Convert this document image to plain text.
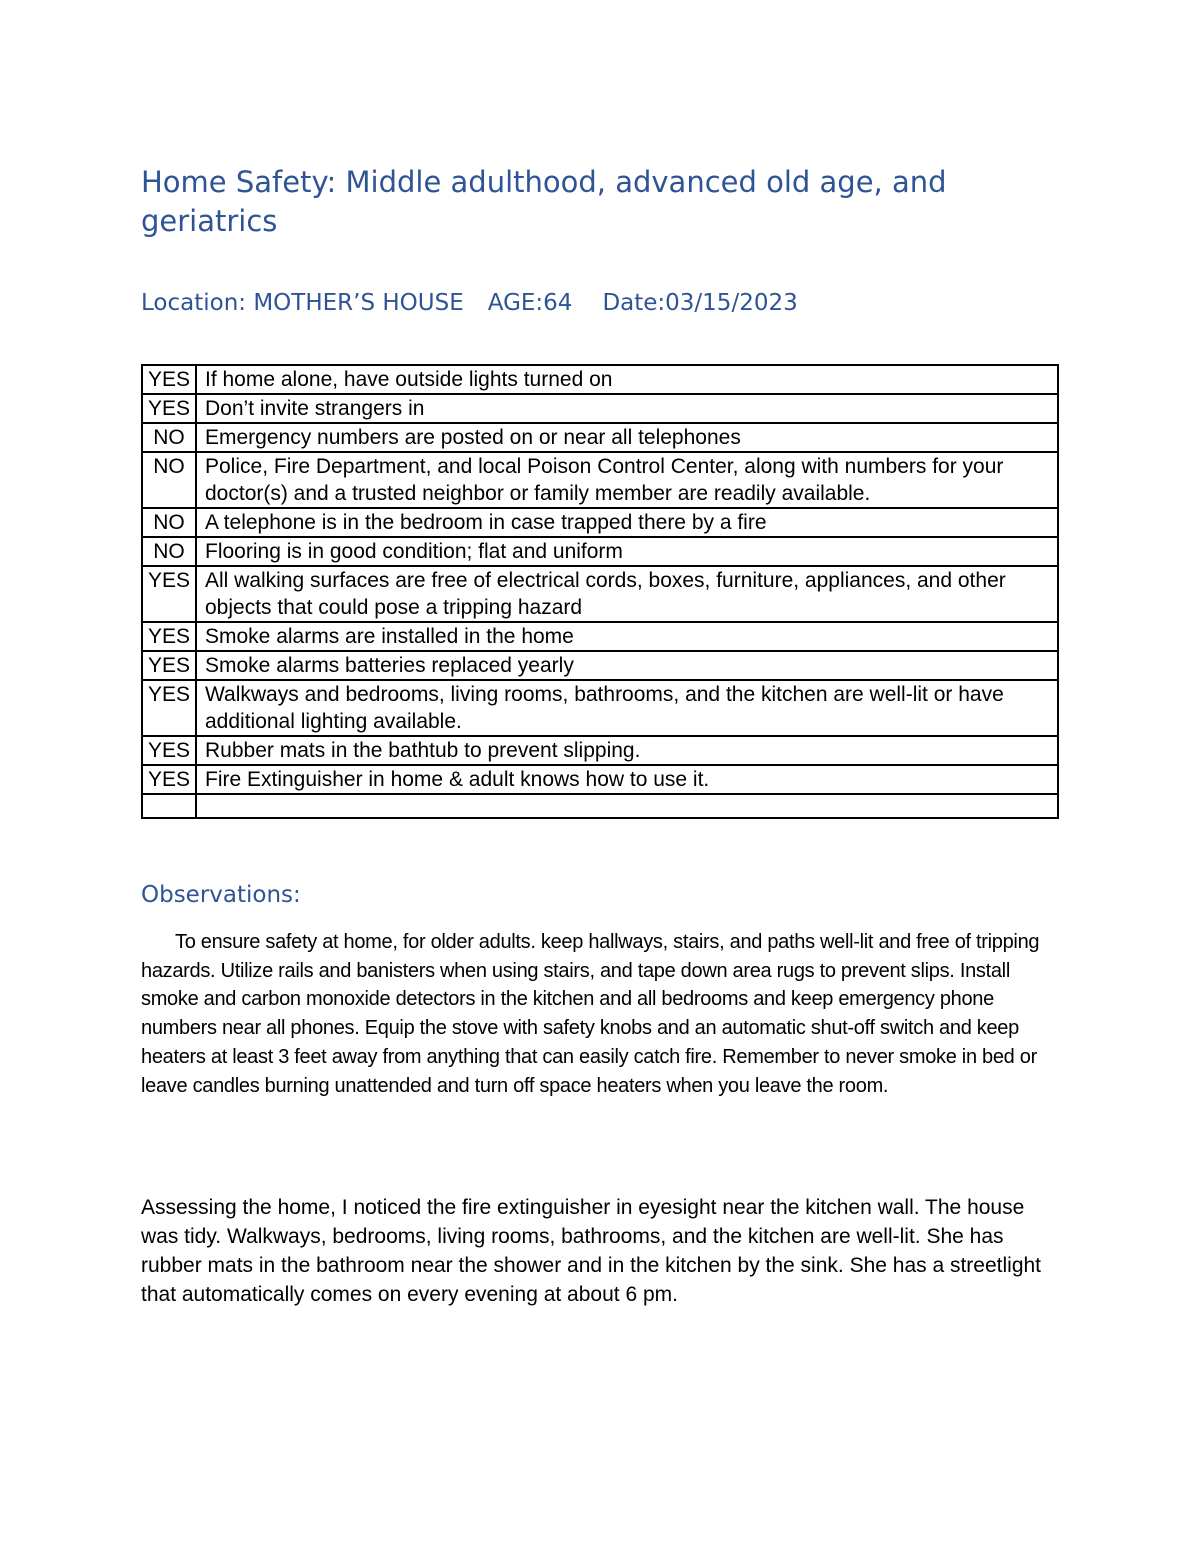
Home Safety: Middle adulthood, advanced old age, and geriatrics

Location: MOTHER’S HOUSE AGE:64 Date:03/15/2023

YES	If home alone, have outside lights turned on
YES	Don’t invite strangers in
NO	Emergency numbers are posted on or near all telephones
NO	Police, Fire Department, and local Poison Control Center, along with numbers for your doctor(s) and a trusted neighbor or family member are readily available.
NO	A telephone is in the bedroom in case trapped there by a fire
NO	Flooring is in good condition; flat and uniform
YES	All walking surfaces are free of electrical cords, boxes, furniture, appliances, and other objects that could pose a tripping hazard
YES	Smoke alarms are installed in the home
YES	Smoke alarms batteries replaced yearly
YES	Walkways and bedrooms, living rooms, bathrooms, and the kitchen are well-lit or have additional lighting available.
YES	Rubber mats in the bathtub to prevent slipping.
YES	Fire Extinguisher in home & adult knows how to use it.

Observations:

To ensure safety at home, for older adults. keep hallways, stairs, and paths well-lit and free of tripping hazards. Utilize rails and banisters when using stairs, and tape down area rugs to prevent slips. Install smoke and carbon monoxide detectors in the kitchen and all bedrooms and keep emergency phone numbers near all phones. Equip the stove with safety knobs and an automatic shut-off switch and keep heaters at least 3 feet away from anything that can easily catch fire. Remember to never smoke in bed or leave candles burning unattended and turn off space heaters when you leave the room.

Assessing the home, I noticed the fire extinguisher in eyesight near the kitchen wall. The house was tidy. Walkways, bedrooms, living rooms, bathrooms, and the kitchen are well-lit. She has rubber mats in the bathroom near the shower and in the kitchen by the sink. She has a streetlight that automatically comes on every evening at about 6 pm.
